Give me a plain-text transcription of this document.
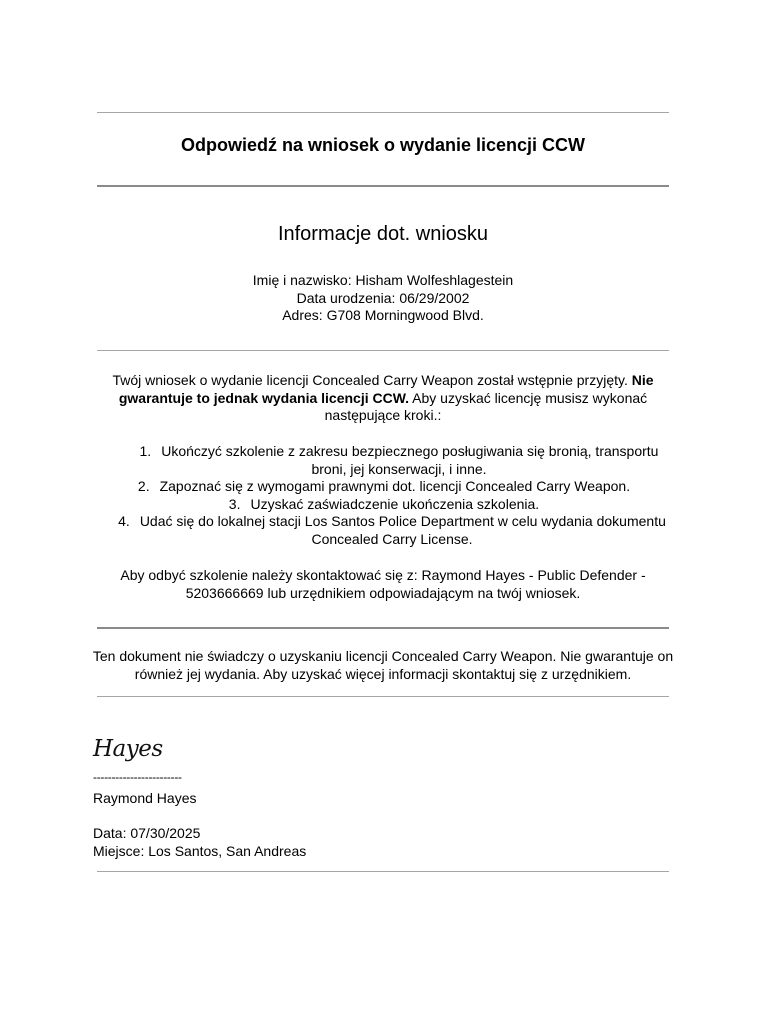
Odpowiedź na wniosek o wydanie licencji CCW
Informacje dot. wniosku
Imię i nazwisko: Hisham Wolfeshlagestein
Data urodzenia: 06/29/2002
Adres: G708 Morningwood Blvd.
Twój wniosek o wydanie licencji Concealed Carry Weapon został wstępnie przyjęty. Nie gwarantuje to jednak wydania licencji CCW. Aby uzyskać licencję musisz wykonać następujące kroki.:
1. Ukończyć szkolenie z zakresu bezpiecznego posługiwania się bronią, transportu broni, jej konserwacji, i inne.
2. Zapoznać się z wymogami prawnymi dot. licencji Concealed Carry Weapon.
3. Uzyskać zaświadczenie ukończenia szkolenia.
4. Udać się do lokalnej stacji Los Santos Police Department w celu wydania dokumentu Concealed Carry License.
Aby odbyć szkolenie należy skontaktować się z: Raymond Hayes - Public Defender - 5203666669 lub urzędnikiem odpowiadającym na twój wniosek.
Ten dokument nie świadczy o uzyskaniu licencji Concealed Carry Weapon. Nie gwarantuje on również jej wydania. Aby uzyskać więcej informacji skontaktuj się z urzędnikiem.
Hayes
------------------------
Raymond Hayes
Data: 07/30/2025
Miejsce: Los Santos, San Andreas
